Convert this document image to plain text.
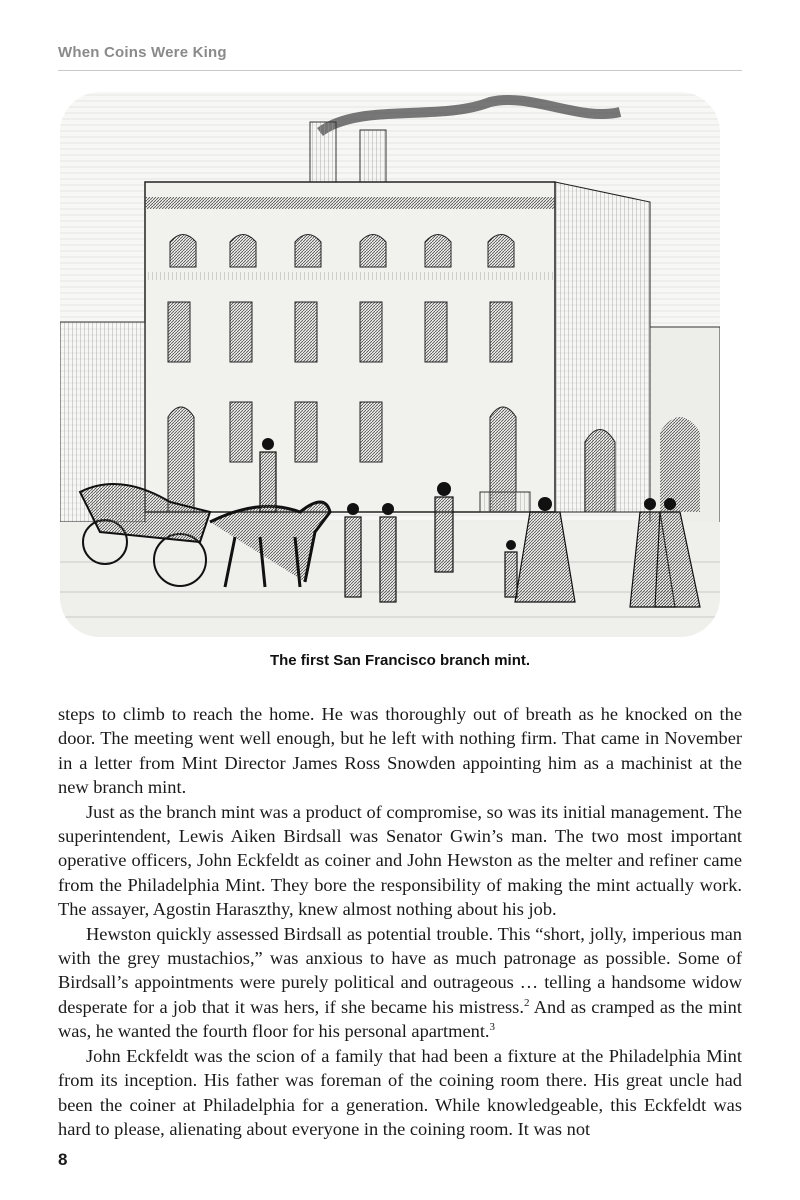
When Coins Were King
The first San Francisco branch mint.

steps to climb to reach the home. He was thoroughly out of breath as he knocked on the door. The meeting went well enough, but he left with nothing firm. That came in November in a letter from Mint Director James Ross Snowden appointing him as a machinist at the new branch mint.

Just as the branch mint was a product of compromise, so was its initial management. The superintendent, Lewis Aiken Birdsall was Senator Gwin’s man. The two most important operative officers, John Eckfeldt as coiner and John Hewston as the melter and refiner came from the Philadelphia Mint. They bore the responsibility of making the mint actually work. The assayer, Agostin Haraszthy, knew almost nothing about his job.

Hewston quickly assessed Birdsall as potential trouble. This “short, jolly, imperious man with the grey mustachios,” was anxious to have as much patronage as possible. Some of Birdsall’s appointments were purely political and outrageous … telling a handsome widow desperate for a job that it was hers, if she became his mistress.$^2$ And as cramped as the mint was, he wanted the fourth floor for his personal apartment.$^3$

John Eckfeldt was the scion of a family that had been a fixture at the Philadelphia Mint from its inception. His father was foreman of the coining room there. His great uncle had been the coiner at Philadelphia for a generation. While knowledgeable, this Eckfeldt was hard to please, alienating about everyone in the coining room. It was not

8
